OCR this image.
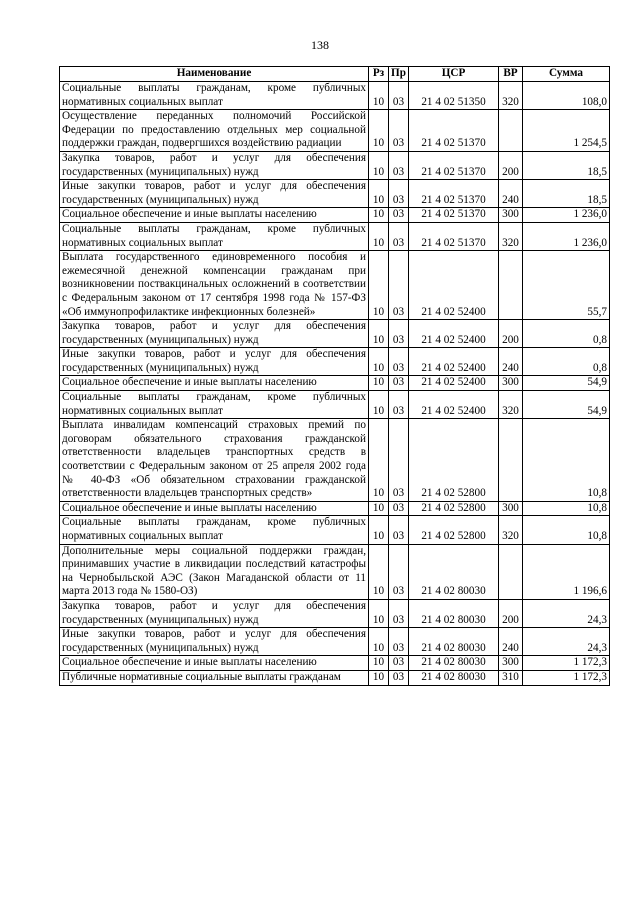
138
Наименование	Рз	Пр	ЦСР	ВР	Сумма
Социальные выплаты гражданам, кроме публичных нормативных социальных выплат	10	03	21 4 02 51350	320	108,0
Осуществление переданных полномочий Российской Федерации по предоставлению отдельных мер социальной поддержки граждан, подвергшихся воздействию радиации	10	03	21 4 02 51370		1 254,5
Закупка товаров, работ и услуг для обеспечения государственных (муниципальных) нужд	10	03	21 4 02 51370	200	18,5
Иные закупки товаров, работ и услуг для обеспечения государственных (муниципальных) нужд	10	03	21 4 02 51370	240	18,5
Социальное обеспечение и иные выплаты населению	10	03	21 4 02 51370	300	1 236,0
Социальные выплаты гражданам, кроме публичных нормативных социальных выплат	10	03	21 4 02 51370	320	1 236,0
Выплата государственного единовременного пособия и ежемесячной денежной компенсации гражданам при возникновении поствакцинальных осложнений в соответствии с Федеральным законом от 17 сентября 1998 года № 157-ФЗ «Об иммунопрофилактике инфекционных болезней»	10	03	21 4 02 52400		55,7
Закупка товаров, работ и услуг для обеспечения государственных (муниципальных) нужд	10	03	21 4 02 52400	200	0,8
Иные закупки товаров, работ и услуг для обеспечения государственных (муниципальных) нужд	10	03	21 4 02 52400	240	0,8
Социальное обеспечение и иные выплаты населению	10	03	21 4 02 52400	300	54,9
Социальные выплаты гражданам, кроме публичных нормативных социальных выплат	10	03	21 4 02 52400	320	54,9
Выплата инвалидам компенсаций страховых премий по договорам обязательного страхования гражданской ответственности владельцев транспортных средств в соответствии с Федеральным законом от 25 апреля 2002 года № 40-ФЗ «Об обязательном страховании гражданской ответственности владельцев транспортных средств»	10	03	21 4 02 52800		10,8
Социальное обеспечение и иные выплаты населению	10	03	21 4 02 52800	300	10,8
Социальные выплаты гражданам, кроме публичных нормативных социальных выплат	10	03	21 4 02 52800	320	10,8
Дополнительные меры социальной поддержки граждан, принимавших участие в ликвидации последствий катастрофы на Чернобыльской АЭС (Закон Магаданской области от 11 марта 2013 года № 1580-ОЗ)	10	03	21 4 02 80030		1 196,6
Закупка товаров, работ и услуг для обеспечения государственных (муниципальных) нужд	10	03	21 4 02 80030	200	24,3
Иные закупки товаров, работ и услуг для обеспечения государственных (муниципальных) нужд	10	03	21 4 02 80030	240	24,3
Социальное обеспечение и иные выплаты населению	10	03	21 4 02 80030	300	1 172,3
Публичные нормативные социальные выплаты гражданам	10	03	21 4 02 80030	310	1 172,3
